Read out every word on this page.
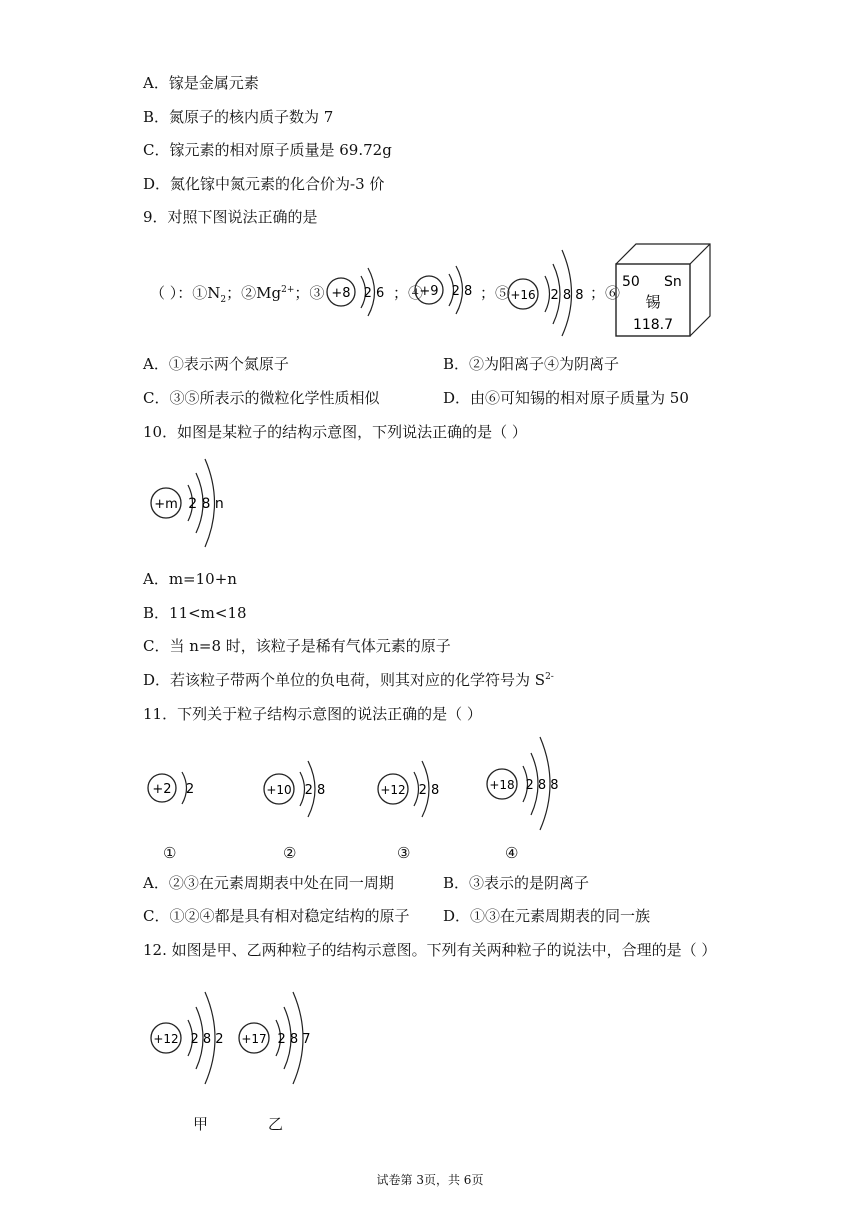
A．镓是金属元素
B．氮原子的核内质子数为 7
C．镓元素的相对原子质量是 69.72g
D．氮化镓中氮元素的化合价为-3 价
9．对照下图说法正确的是
（ ）：$①N_2$；$②Mg^{2+}$；③ +8 2 6 ；④
+9 2 8 ；⑤ +16 2 8 8 ；⑥
50 Sn
锡
118.7
A．①表示两个氮原子	B．②为阳离子④为阴离子
C．③⑤所表示的微粒化学性质相似	D．由⑥可知锡的相对原子质量为 50
10．如图是某粒子的结构示意图，下列说法正确的是（ ）
+m 2 8 n
A．m=10+n
B．11<m<18
C．当 n=8 时，该粒子是稀有气体元素的原子
D．若该粒子带两个单位的负电荷，则其对应的化学符号为 $S^{2-}$
11．下列关于粒子结构示意图的说法正确的是（ ）
+2 2
①
+10 2 8
②
+12 2 8
③
+18 2 8 8
④
A．②③在元素周期表中处在同一周期	B．③表示的是阴离子
C．①②④都是具有相对稳定结构的原子 D．①③在元素周期表的同一族
12. 如图是甲、乙两种粒子的结构示意图。下列有关两种粒子的说法中，合理的是（ ）
+12 2 8 2 +17 2 8 7
甲	乙
试卷第 3页，共 6页
